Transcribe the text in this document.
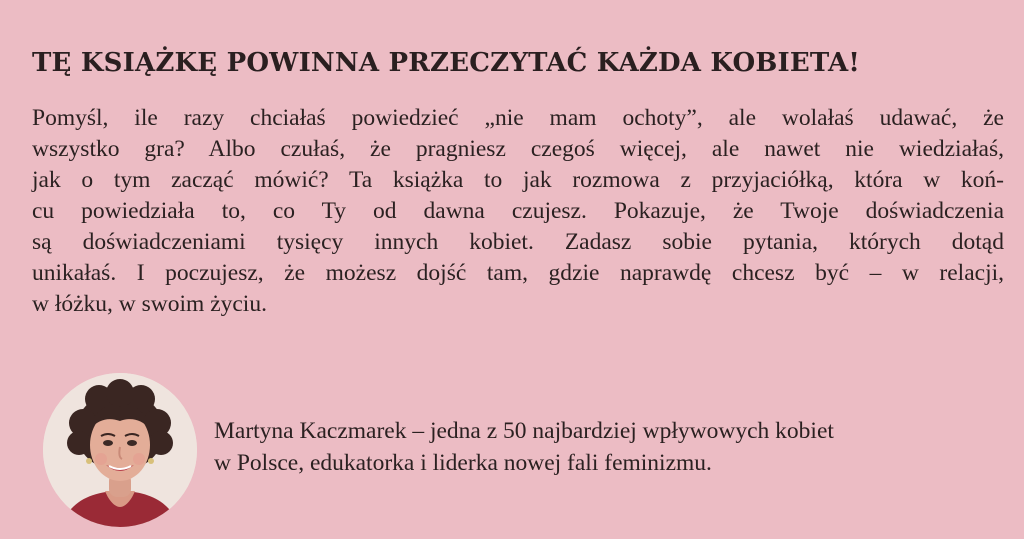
TĘ KSIĄŻKĘ POWINNA PRZECZYTAĆ KAŻDA KOBIETA!
Pomyśl, ile razy chciałaś powiedzieć „nie mam ochoty”, ale wolałaś udawać, że
wszystko gra? Albo czułaś, że pragniesz czegoś więcej, ale nawet nie wiedziałaś,
jak o tym zacząć mówić? Ta książka to jak rozmowa z przyjaciółką, która w koń-
cu powiedziała to, co Ty od dawna czujesz. Pokazuje, że Twoje doświadczenia
są doświadczeniami tysięcy innych kobiet. Zadasz sobie pytania, których dotąd
unikałaś. I poczujesz, że możesz dojść tam, gdzie naprawdę chcesz być – w relacji,
w łóżku, w swoim życiu.
Martyna Kaczmarek – jedna z 50 najbardziej wpływowych kobiet
w Polsce, edukatorka i liderka nowej fali feminizmu.
